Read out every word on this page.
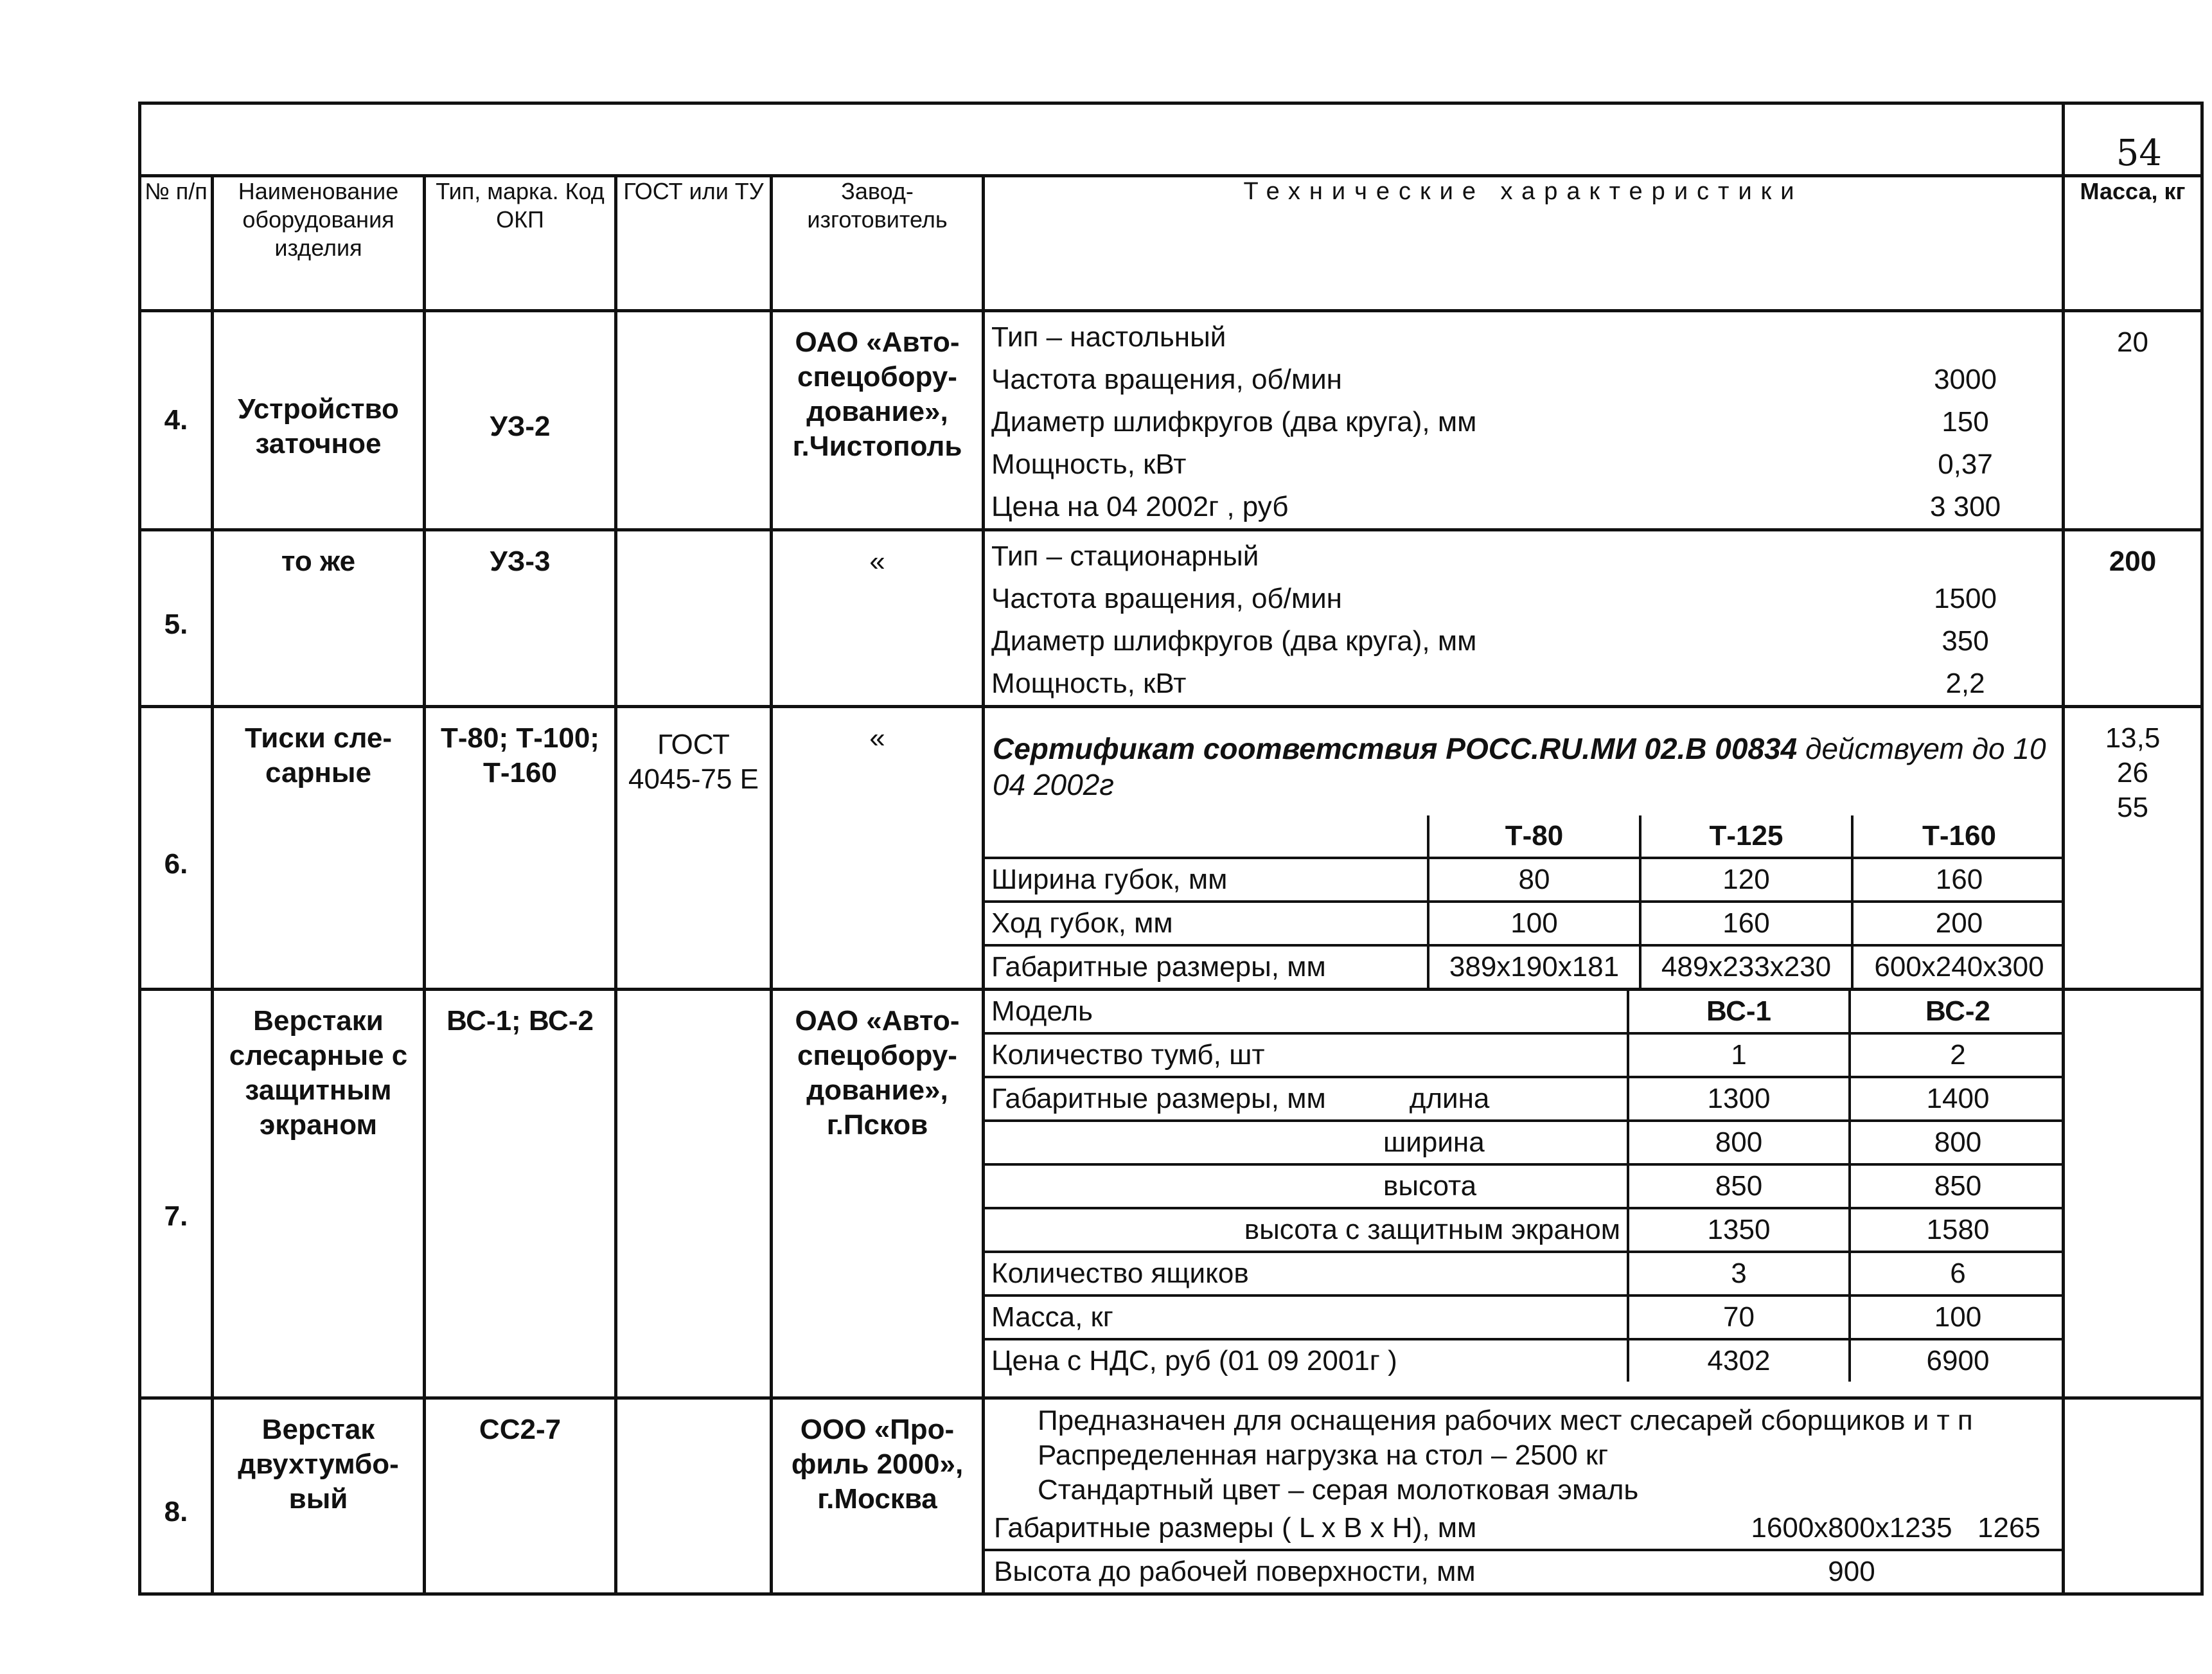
	54
№ п/п	Наименование оборудования изделия	Тип, марка. Код ОКП	ГОСТ или ТУ	Завод-изготовитель	Технические характеристики	Масса, кг
4.	Устройство заточное	УЗ-2		ОАО «Авто-спецобору-дование», г.Чистополь	
Тип – настольный
Частота вращения, об/мин	3000
Диаметр шлифкругов (два круга), мм	150
Мощность, кВт	0,37
Цена на 04 2002г , руб	3 300
	20
5.	то же	УЗ-3		«	Тип – стационарный
Частота вращения, об/мин	1500
Диаметр шлифкругов (два круга), мм	350
Мощность, кВт	2,2
	200
6.	Тиски сле-сарные	Т-80; Т-100; Т-160	ГОСТ 4045-75 Е	«	Сертификат соответствия РОСС.RU.МИ 02.В 00834 действует до 10 04 2002г
	Т-80	Т-125	Т-160
Ширина губок, мм	80	120	160
Ход губок, мм	100	160	200
Габаритные размеры, мм	389x190x181	489x233x230	600x240x300
	13,5
26
55
7.	Верстаки слесарные с защитным экраном	ВС-1; ВС-2		ОАО «Авто-спецобору-дование», г.Псков	
Модель	ВС-1	ВС-2
Количество тумб, шт	1	2
Габаритные размеры, мм	длина	1300	1400
ширина	800	800
высота	850	850
высота с защитным экраном	1350	1580
Количество ящиков	3	6
Масса, кг	70	100
Цена с НДС, руб (01 09 2001г )	4302	6900

8.	Верстак двухтумбо-вый	СС2-7		ООО «Про-филь 2000», г.Москва	
Предназначен для оснащения рабочих мест слесарей сборщиков и т п
Распределенная нагрузка на стол – 2500 кг
Стандартный цвет – серая молотковая эмаль
Габаритные размеры ( L x В x Н), мм	1600x800x1235 1265
Высота до рабочей поверхности, мм	900
